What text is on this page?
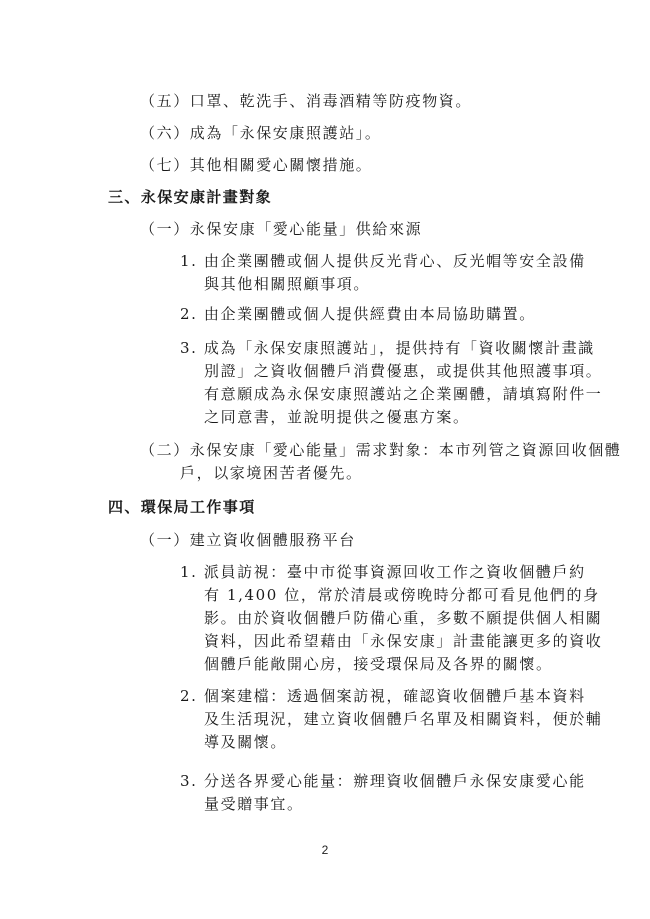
（五）口罩、乾洗手、消毒酒精等防疫物資。
（六）成為「永保安康照護站」。
（七）其他相關愛心關懷措施。
三、永保安康計畫對象
（一）永保安康「愛心能量」供給來源
1. 由企業團體或個人提供反光背心、反光帽等安全設備
與其他相關照顧事項。
2. 由企業團體或個人提供經費由本局協助購置。
3. 成為「永保安康照護站」，提供持有「資收關懷計畫識
別證」之資收個體戶消費優惠，或提供其他照護事項。
有意願成為永保安康照護站之企業團體，請填寫附件一
之同意書，並說明提供之優惠方案。
（二）永保安康「愛心能量」需求對象：本市列管之資源回收個體
戶，以家境困苦者優先。
四、環保局工作事項
（一）建立資收個體服務平台
1. 派員訪視：臺中市從事資源回收工作之資收個體戶約
有 1,400 位，常於清晨或傍晚時分都可看見他們的身
影。由於資收個體戶防備心重，多數不願提供個人相關
資料，因此希望藉由「永保安康」計畫能讓更多的資收
個體戶能敞開心房，接受環保局及各界的關懷。
2. 個案建檔：透過個案訪視，確認資收個體戶基本資料
及生活現況，建立資收個體戶名單及相關資料，便於輔
導及關懷。
3. 分送各界愛心能量：辦理資收個體戶永保安康愛心能
量受贈事宜。
2
